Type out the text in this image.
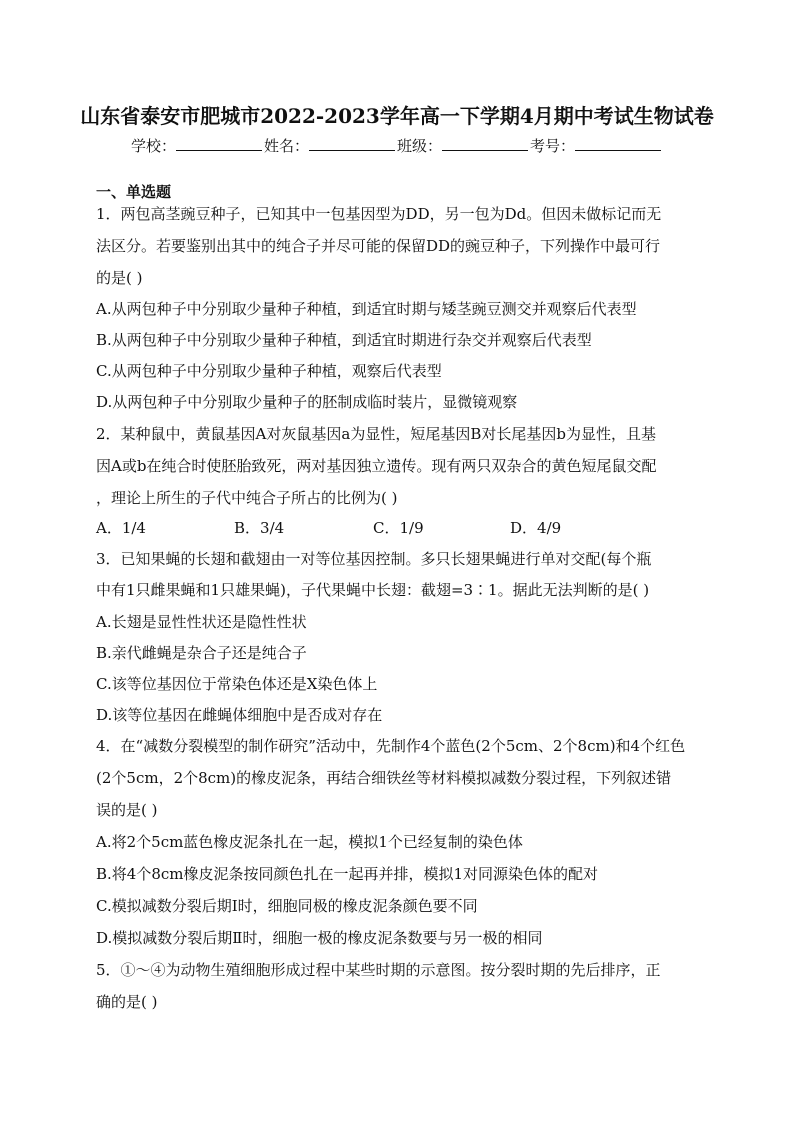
山东省泰安市肥城市2022-2023学年高一下学期4月期中考试生物试卷
学校：	姓名：	班级：	考号：
一、单选题
1．两包高茎豌豆种子，已知其中一包基因型为DD，另一包为Dd。但因未做标记而无
法区分。若要鉴别出其中的纯合子并尽可能的保留DD的豌豆种子，下列操作中最可行
的是( )
A.从两包种子中分别取少量种子种植，到适宜时期与矮茎豌豆测交并观察后代表型
B.从两包种子中分别取少量种子种植，到适宜时期进行杂交并观察后代表型
C.从两包种子中分别取少量种子种植，观察后代表型
D.从两包种子中分别取少量种子的胚制成临时装片，显微镜观察
2．某种鼠中，黄鼠基因A对灰鼠基因a为显性，短尾基因B对长尾基因b为显性，且基
因A或b在纯合时使胚胎致死，两对基因独立遗传。现有两只双杂合的黄色短尾鼠交配
，理论上所生的子代中纯合子所占的比例为( )
A．1/4	B．3/4	C．1/9	D．4/9
3．已知果蝇的长翅和截翅由一对等位基因控制。多只长翅果蝇进行单对交配(每个瓶
中有1只雌果蝇和1只雄果蝇)，子代果蝇中长翅：截翅=3∶1。据此无法判断的是( )
A.长翅是显性性状还是隐性性状
B.亲代雌蝇是杂合子还是纯合子
C.该等位基因位于常染色体还是X染色体上
D.该等位基因在雌蝇体细胞中是否成对存在
4．在“减数分裂模型的制作研究”活动中，先制作4个蓝色(2个5cm、2个8cm)和4个红色
(2个5cm，2个8cm)的橡皮泥条，再结合细铁丝等材料模拟减数分裂过程，下列叙述错
误的是( )
A.将2个5cm蓝色橡皮泥条扎在一起，模拟1个已经复制的染色体
B.将4个8cm橡皮泥条按同颜色扎在一起再并排，模拟1对同源染色体的配对
C.模拟减数分裂后期Ⅰ时，细胞同极的橡皮泥条颜色要不同
D.模拟减数分裂后期Ⅱ时，细胞一极的橡皮泥条数要与另一极的相同
5．①～④为动物生殖细胞形成过程中某些时期的示意图。按分裂时期的先后排序，正
确的是( )
